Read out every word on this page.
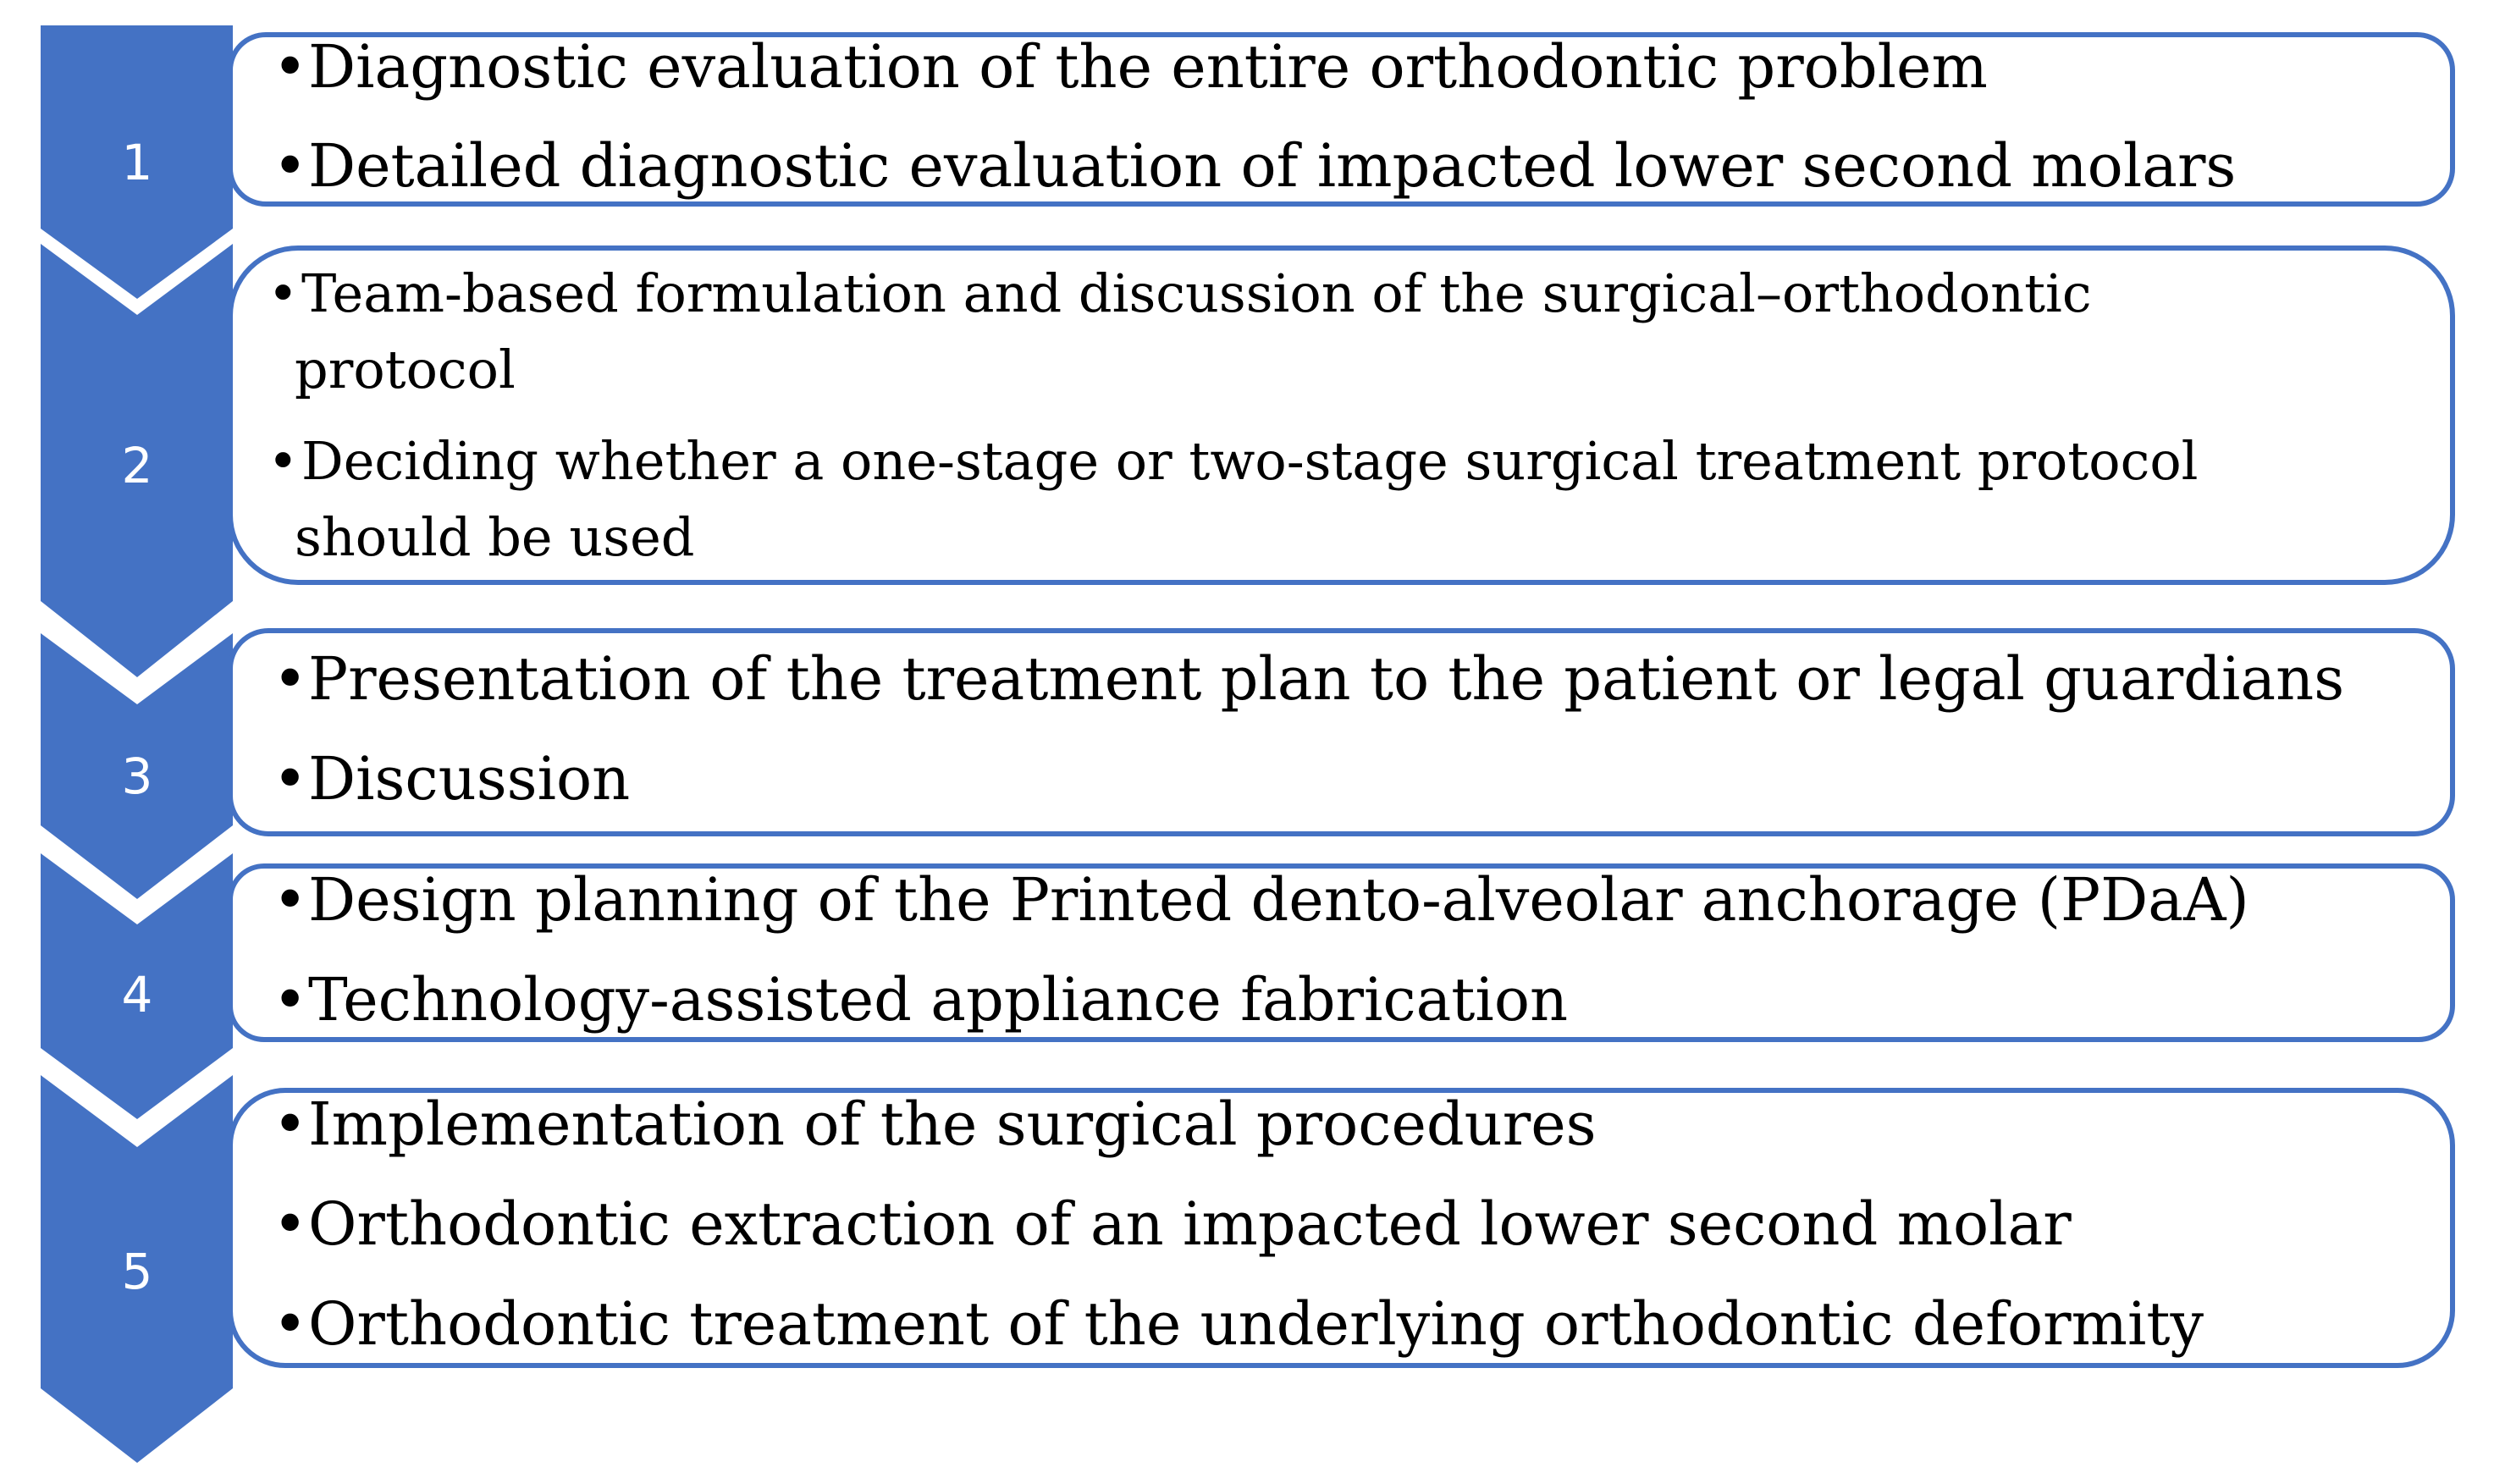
1
• Diagnostic evaluation of the entire orthodontic problem
• Detailed diagnostic evaluation of impacted lower second molars
2
• Team-based formulation and discussion of the surgical–orthodontic protocol
• Deciding whether a one-stage or two-stage surgical treatment protocol should be used
3
• Presentation of the treatment plan to the patient or legal guardians
• Discussion
4
• Design planning of the Printed dento-alveolar anchorage (PDaA)
• Technology-assisted appliance fabrication
5
• Implementation of the surgical procedures
• Orthodontic extraction of an impacted lower second molar
• Orthodontic treatment of the underlying orthodontic deformity
